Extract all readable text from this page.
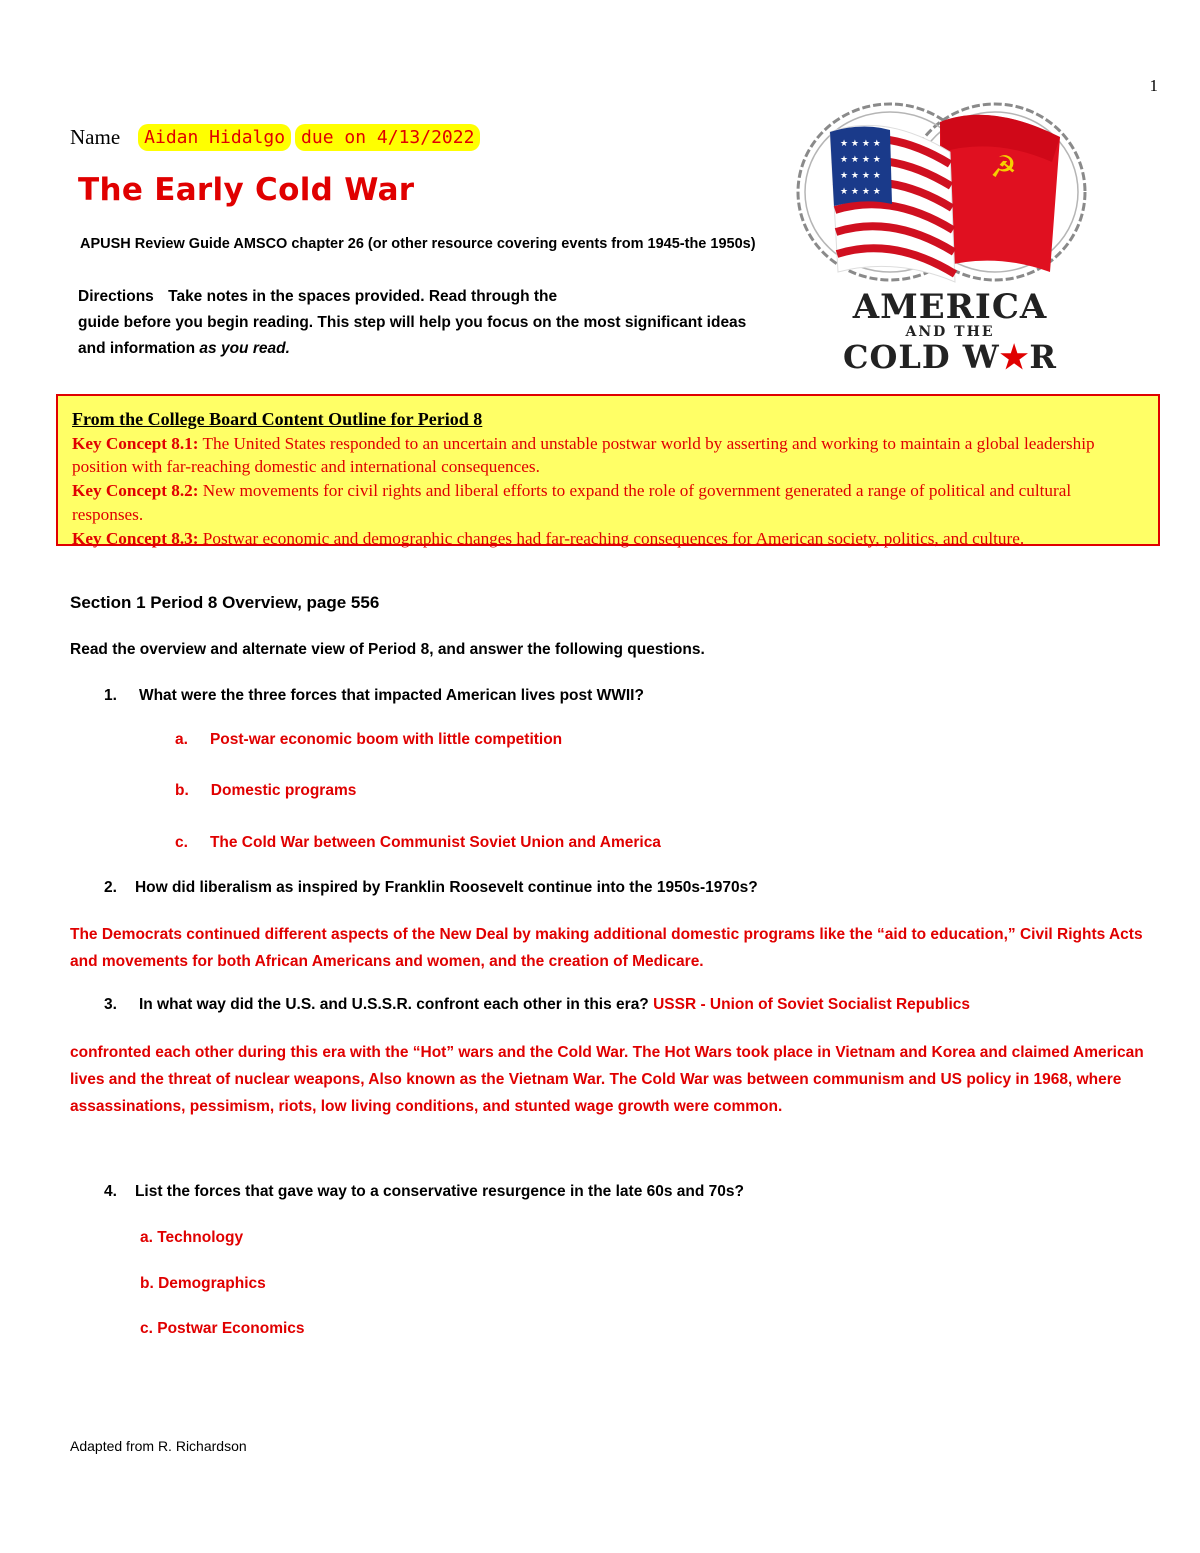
1
Name	Aidan Hidalgo due on 4/13/2022
The Early Cold War
APUSH Review Guide AMSCO chapter 26 (or other resource covering events from 1945-the 1950s)
Directions Take notes in the spaces provided. Read through the
guide before you begin reading. This step will help you focus on the most significant ideas
and information as you read.
☭
★ ★ ★ ★
★ ★ ★ ★
★ ★ ★ ★
★ ★ ★ ★
AMERICA
AND THE
COLD W★R
From the College Board Content Outline for Period 8
Key Concept 8.1: The United States responded to an uncertain and unstable postwar world by asserting and working to maintain a global leadership position with far-reaching domestic and international consequences.
Key Concept 8.2: New movements for civil rights and liberal efforts to expand the role of government generated a range of political and cultural responses.
Key Concept 8.3: Postwar economic and demographic changes had far-reaching consequences for American society, politics, and culture.
Section 1 Period 8 Overview, page 556
Read the overview and alternate view of Period 8, and answer the following questions.
1. What were the three forces that impacted American lives post WWII?
a. Post-war economic boom with little competition
b. Domestic programs
c. The Cold War between Communist Soviet Union and America
2. How did liberalism as inspired by Franklin Roosevelt continue into the 1950s-1970s?
The Democrats continued different aspects of the New Deal by making additional domestic programs like the “aid to education,” Civil Rights Acts and movements for both African Americans and women, and the creation of Medicare.
3. In what way did the U.S. and U.S.S.R. confront each other in this era? USSR - Union of Soviet Socialist Republics
confronted each other during this era with the “Hot” wars and the Cold War. The Hot Wars took place in Vietnam and Korea and claimed American lives and the threat of nuclear weapons, Also known as the Vietnam War. The Cold War was between communism and US policy in 1968, where assassinations, pessimism, riots, low living conditions, and stunted wage growth were common.
4. List the forces that gave way to a conservative resurgence in the late 60s and 70s?
a. Technology
b. Demographics
c. Postwar Economics
Adapted from R. Richardson
